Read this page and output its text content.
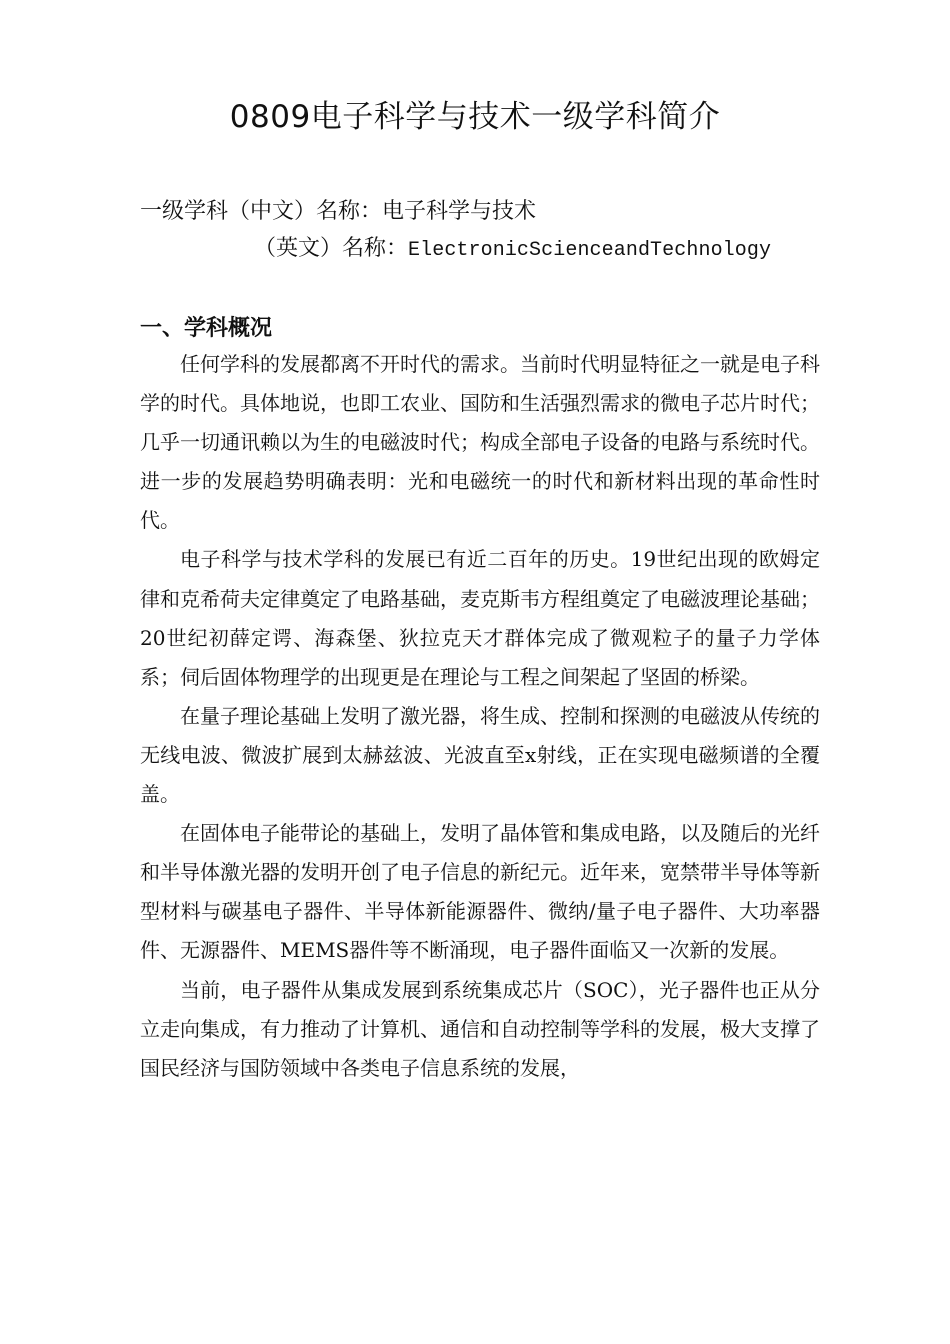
0809电子科学与技术一级学科简介
一级学科（中文）名称：电子科学与技术
（英文）名称：ElectronicScienceandTechnology
一、学科概况

任何学科的发展都离不开时代的需求。当前时代明显特征之一就是电子科学的时代。具体地说，也即工农业、国防和生活强烈需求的微电子芯片时代；几乎一切通讯赖以为生的电磁波时代；构成全部电子设备的电路与系统时代。进一步的发展趋势明确表明：光和电磁统一的时代和新材料出现的革命性时代。

电子科学与技术学科的发展已有近二百年的历史。19世纪出现的欧姆定律和克希荷夫定律奠定了电路基础，麦克斯韦方程组奠定了电磁波理论基础；20世纪初薛定谔、海森堡、狄拉克天才群体完成了微观粒子的量子力学体系；伺后固体物理学的出现更是在理论与工程之间架起了坚固的桥梁。

在量子理论基础上发明了激光器，将生成、控制和探测的电磁波从传统的无线电波、微波扩展到太赫兹波、光波直至x射线，正在实现电磁频谱的全覆盖。

在固体电子能带论的基础上，发明了晶体管和集成电路，以及随后的光纤和半导体激光器的发明开创了电子信息的新纪元。近年来，宽禁带半导体等新型材料与碳基电子器件、半导体新能源器件、微纳/量子电子器件、大功率器件、无源器件、MEMS器件等不断涌现，电子器件面临又一次新的发展。

当前，电子器件从集成发展到系统集成芯片（SOC），光子器件也正从分立走向集成，有力推动了计算机、通信和自动控制等学科的发展，极大支撑了国民经济与国防领域中各类电子信息系统的发展，
